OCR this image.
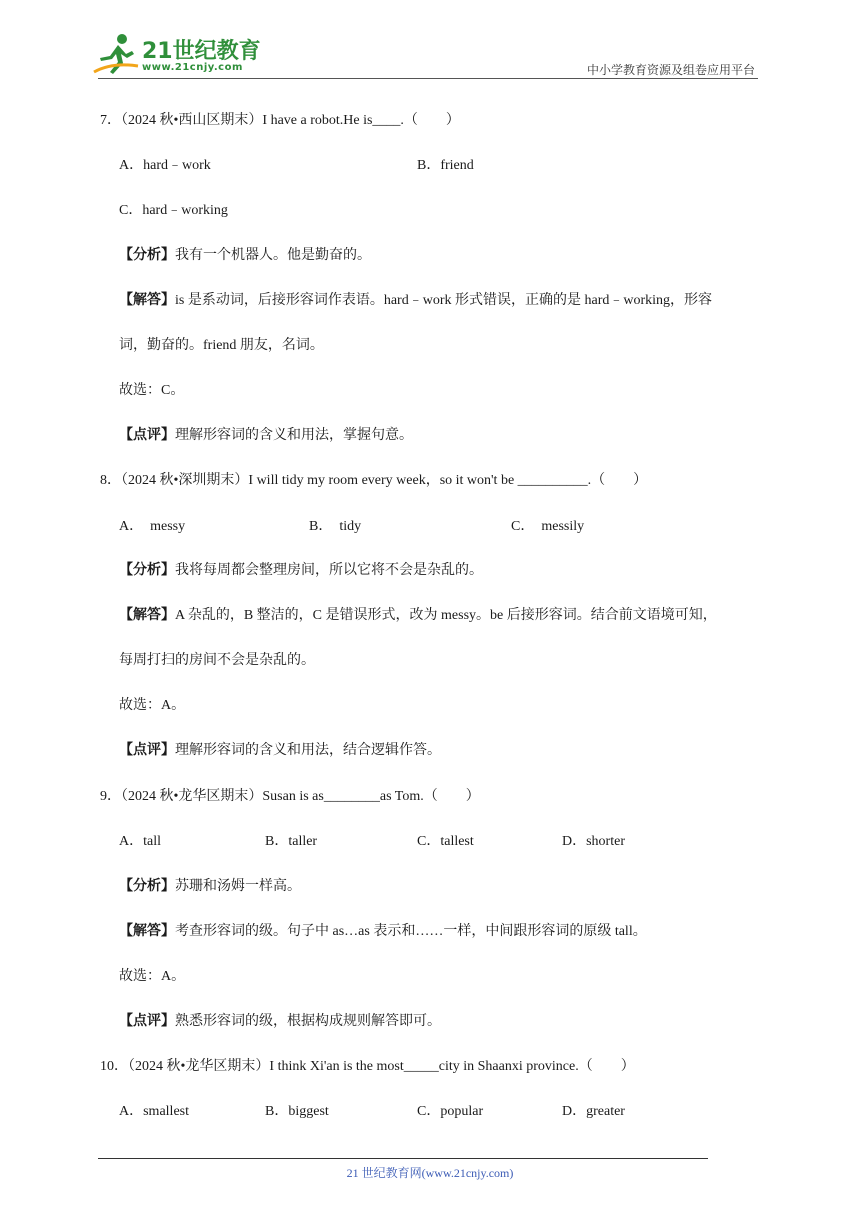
21世纪教育
www.21cnjy.com	中小学教育资源及组卷应用平台
7．（2024 秋•西山区期末）I have a robot.He is____.（　　）
A．hard﹣work	B．friend
C．hard﹣working
【分析】我有一个机器人。他是勤奋的。
【解答】is 是系动词，后接形容词作表语。hard﹣work 形式错误，正确的是 hard﹣working，形容
词，勤奋的。friend 朋友，名词。
故选：C。
【点评】理解形容词的含义和用法，掌握句意。
8．（2024 秋•深圳期末）I will tidy my room every week，so it won't be __________.（　　）
A．　messy	B．　tidy	C．　messily
【分析】我将每周都会整理房间，所以它将不会是杂乱的。
【解答】A 杂乱的，B 整洁的，C 是错误形式，改为 messy。be 后接形容词。结合前文语境可知，
每周打扫的房间不会是杂乱的。
故选：A。
【点评】理解形容词的含义和用法，结合逻辑作答。
9．（2024 秋•龙华区期末）Susan is as________as Tom.（　　）
A．tall	B．taller	C．tallest	D．shorter
【分析】苏珊和汤姆一样高。
【解答】考查形容词的级。句子中 as…as 表示和……一样，中间跟形容词的原级 tall。
故选：A。
【点评】熟悉形容词的级，根据构成规则解答即可。
10．（2024 秋•龙华区期末）I think Xi'an is the most_____city in Shaanxi province.（　　）
A．smallest	B．biggest	C．popular	D．greater
21 世纪教育网(www.21cnjy.com)
